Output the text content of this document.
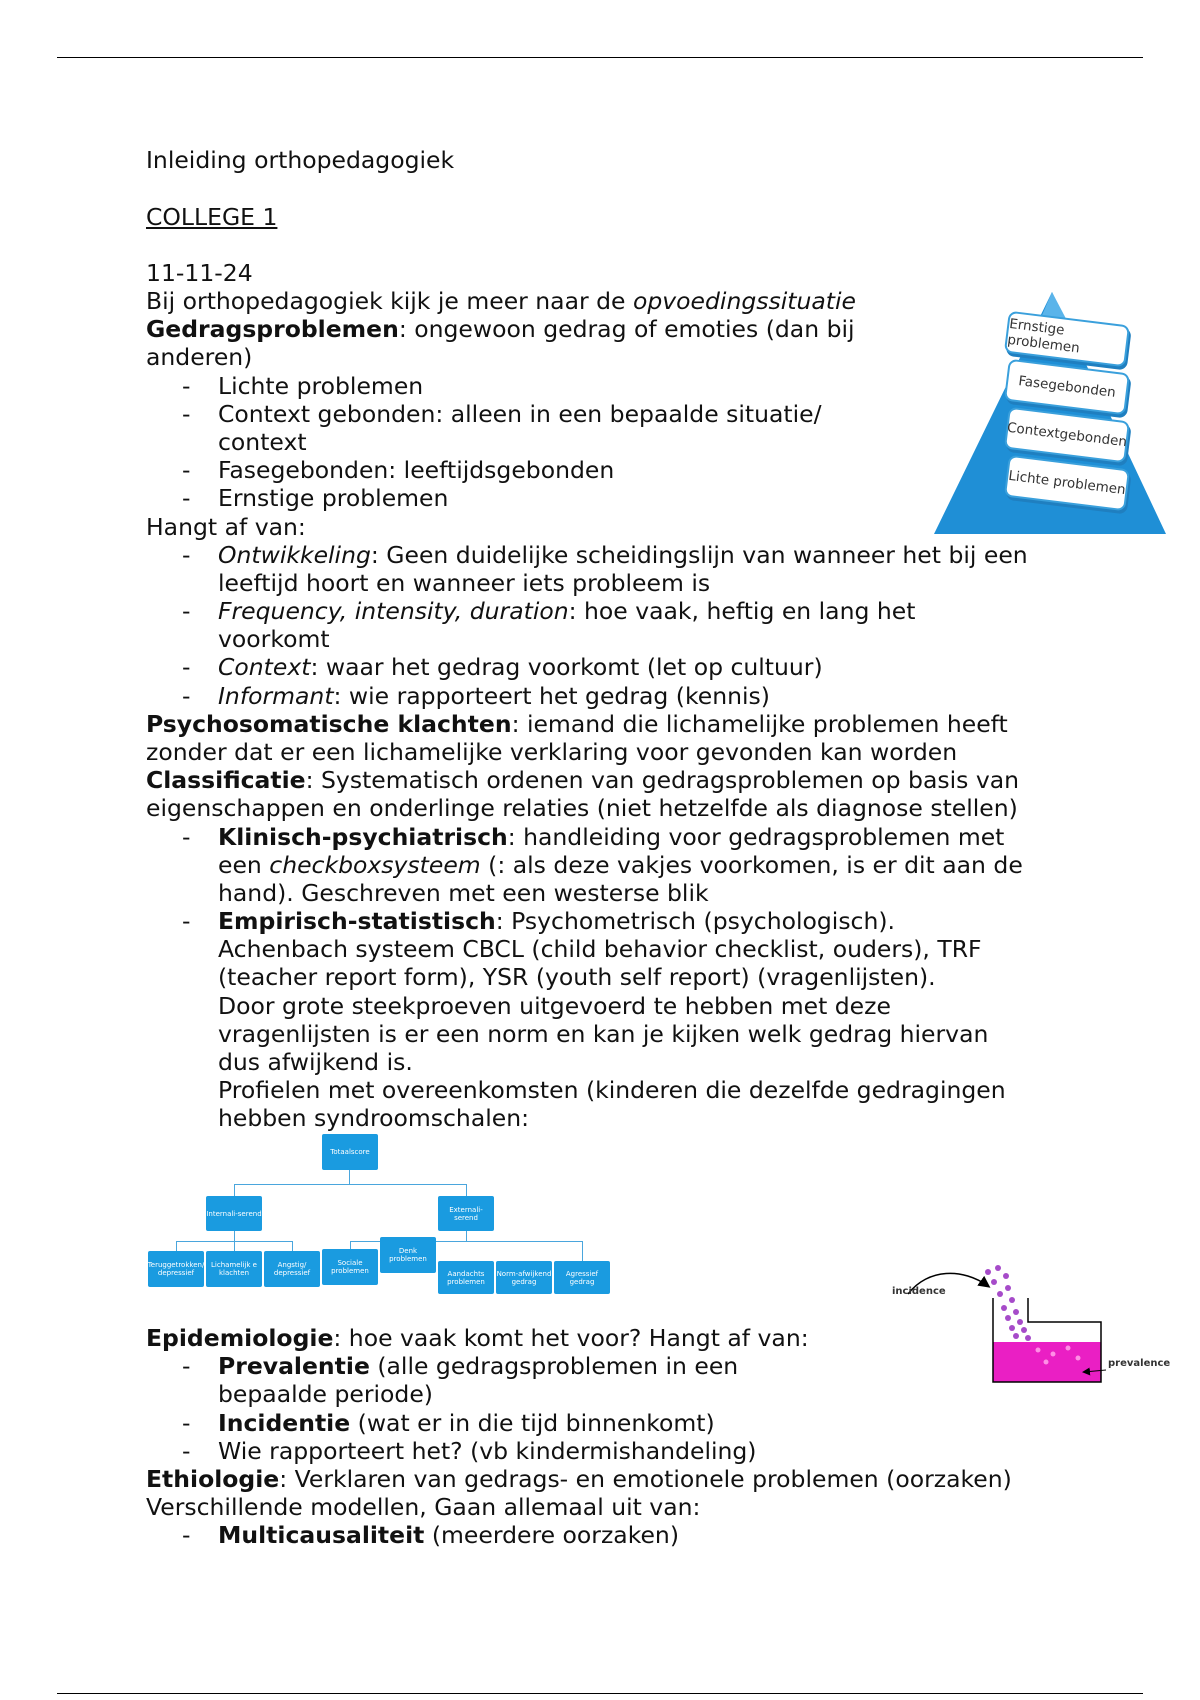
Inleiding orthopedagogiek
COLLEGE 1
11-11-24
Bij orthopedagogiek kijk je meer naar de opvoedingssituatie
Gedragsproblemen: ongewoon gedrag of emoties (dan bij
anderen)
- Lichte problemen
- Context gebonden: alleen in een bepaalde situatie/
context
- Fasegebonden: leeftijdsgebonden
- Ernstige problemen
Hangt af van:
- Ontwikkeling: Geen duidelijke scheidingslijn van wanneer het bij een
leeftijd hoort en wanneer iets probleem is
- Frequency, intensity, duration: hoe vaak, heftig en lang het
voorkomt
- Context: waar het gedrag voorkomt (let op cultuur)
- Informant: wie rapporteert het gedrag (kennis)
Psychosomatische klachten: iemand die lichamelijke problemen heeft
zonder dat er een lichamelijke verklaring voor gevonden kan worden
Classificatie: Systematisch ordenen van gedragsproblemen op basis van
eigenschappen en onderlinge relaties (niet hetzelfde als diagnose stellen)
- Klinisch-psychiatrisch: handleiding voor gedragsproblemen met
een checkboxsysteem (: als deze vakjes voorkomen, is er dit aan de
hand). Geschreven met een westerse blik
- Empirisch-statistisch: Psychometrisch (psychologisch).
Achenbach systeem CBCL (child behavior checklist, ouders), TRF
(teacher report form), YSR (youth self report) (vragenlijsten).
Door grote steekproeven uitgevoerd te hebben met deze
vragenlijsten is er een norm en kan je kijken welk gedrag hiervan
dus afwijkend is.
Profielen met overeenkomsten (kinderen die dezelfde gedragingen
hebben syndroomschalen:
Epidemiologie: hoe vaak komt het voor? Hangt af van:
- Prevalentie (alle gedragsproblemen in een
bepaalde periode)
- Incidentie (wat er in die tijd binnenkomt)
- Wie rapporteert het? (vb kindermishandeling)
Ethiologie: Verklaren van gedrags- en emotionele problemen (oorzaken)
Verschillende modellen, Gaan allemaal uit van:
- Multicausaliteit (meerdere oorzaken)
Ernstige problemen
Fasegebonden
Contextgebonden
Lichte problemen
Totaalscore
Internali-serend	Externali-serend
Teruggetrokken/ depressief
Lichamelijk e klachten
Angstig/ depressief
Sociale problemen
Denk problemen
Aandachts problemen
Norm-afwijkend gedrag
Agressief gedrag
incidence
prevalence
